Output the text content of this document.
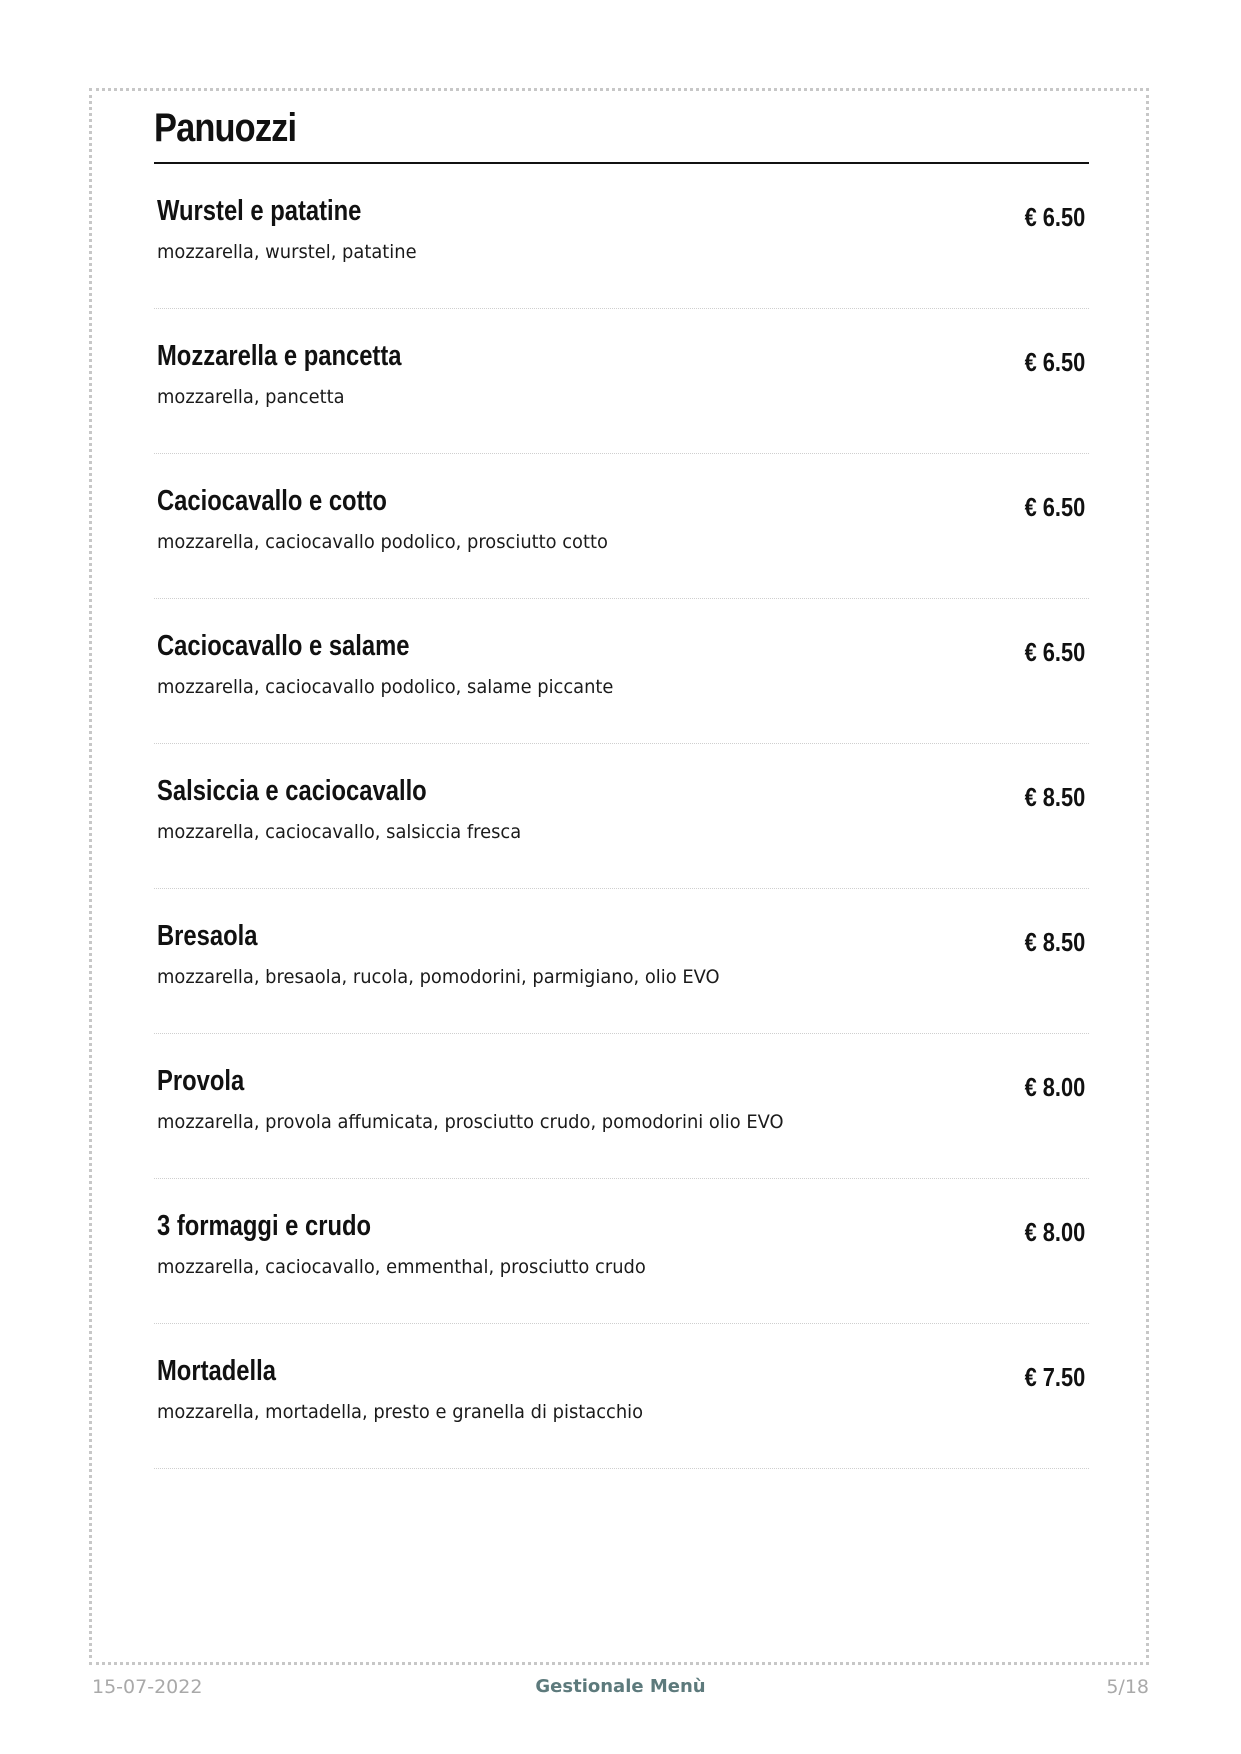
Panuozzi
Wurstel e patatine
mozzarella, wurstel, patatine
€ 6.50
Mozzarella e pancetta
mozzarella, pancetta
€ 6.50
Caciocavallo e cotto
mozzarella, caciocavallo podolico, prosciutto cotto
€ 6.50
Caciocavallo e salame
mozzarella, caciocavallo podolico, salame piccante
€ 6.50
Salsiccia e caciocavallo
mozzarella, caciocavallo, salsiccia fresca
€ 8.50
Bresaola
mozzarella, bresaola, rucola, pomodorini, parmigiano, olio EVO
€ 8.50
Provola
mozzarella, provola affumicata, prosciutto crudo, pomodorini olio EVO
€ 8.00
3 formaggi e crudo
mozzarella, caciocavallo, emmenthal, prosciutto crudo
€ 8.00
Mortadella
mozzarella, mortadella, presto e granella di pistacchio
€ 7.50
15-07-2022	Gestionale Menù	5/18
